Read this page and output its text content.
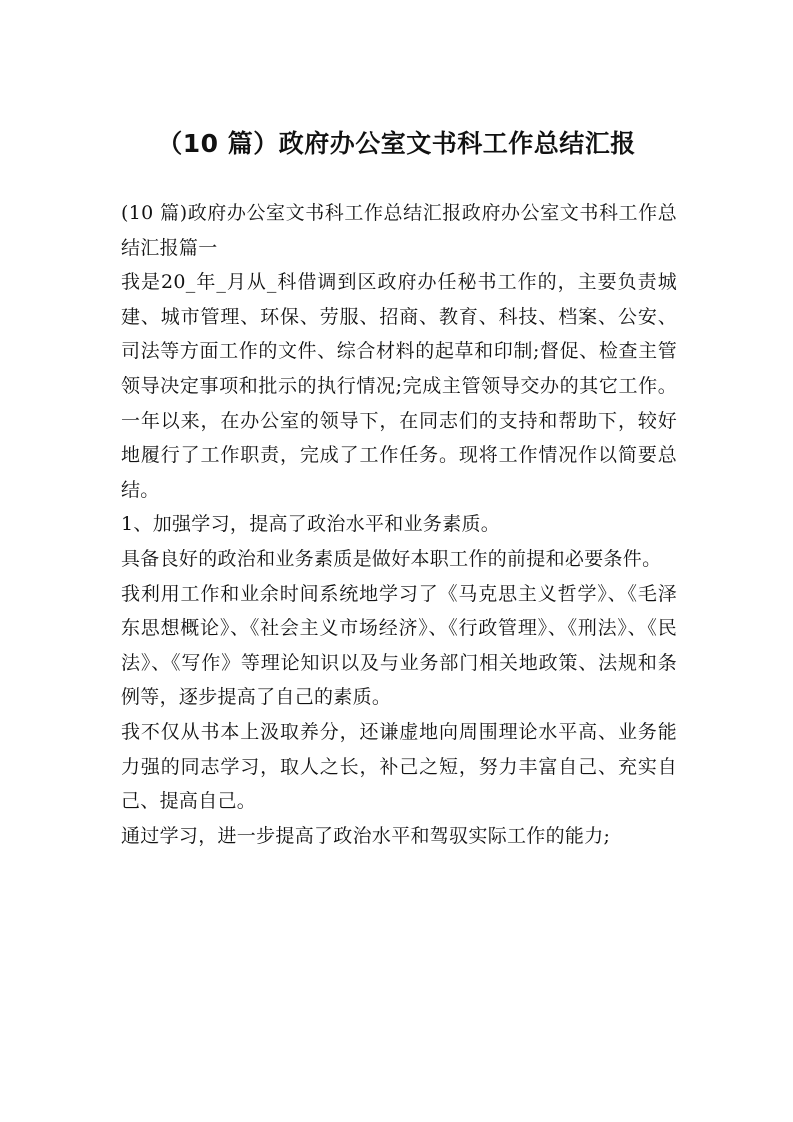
（10 篇）政府办公室文书科工作总结汇报

(10 篇)政府办公室文书科工作总结汇报政府办公室文书科工作总结汇报篇一

我是20_年_月从_科借调到区政府办任秘书工作的，主要负责城建、城市管理、环保、劳服、招商、教育、科技、档案、公安、司法等方面工作的文件、综合材料的起草和印制;督促、检查主管领导决定事项和批示的执行情况;完成主管领导交办的其它工作。一年以来，在办公室的领导下，在同志们的支持和帮助下，较好地履行了工作职责，完成了工作任务。现将工作情况作以简要总结。

1、加强学习，提高了政治水平和业务素质。

具备良好的政治和业务素质是做好本职工作的前提和必要条件。

我利用工作和业余时间系统地学习了《马克思主义哲学》、《毛泽东思想概论》、《社会主义市场经济》、《行政管理》、《刑法》、《民法》、《写作》等理论知识以及与业务部门相关地政策、法规和条例等，逐步提高了自己的素质。

我不仅从书本上汲取养分，还谦虚地向周围理论水平高、业务能力强的同志学习，取人之长，补己之短，努力丰富自己、充实自己、提高自己。

通过学习，进一步提高了政治水平和驾驭实际工作的能力;
